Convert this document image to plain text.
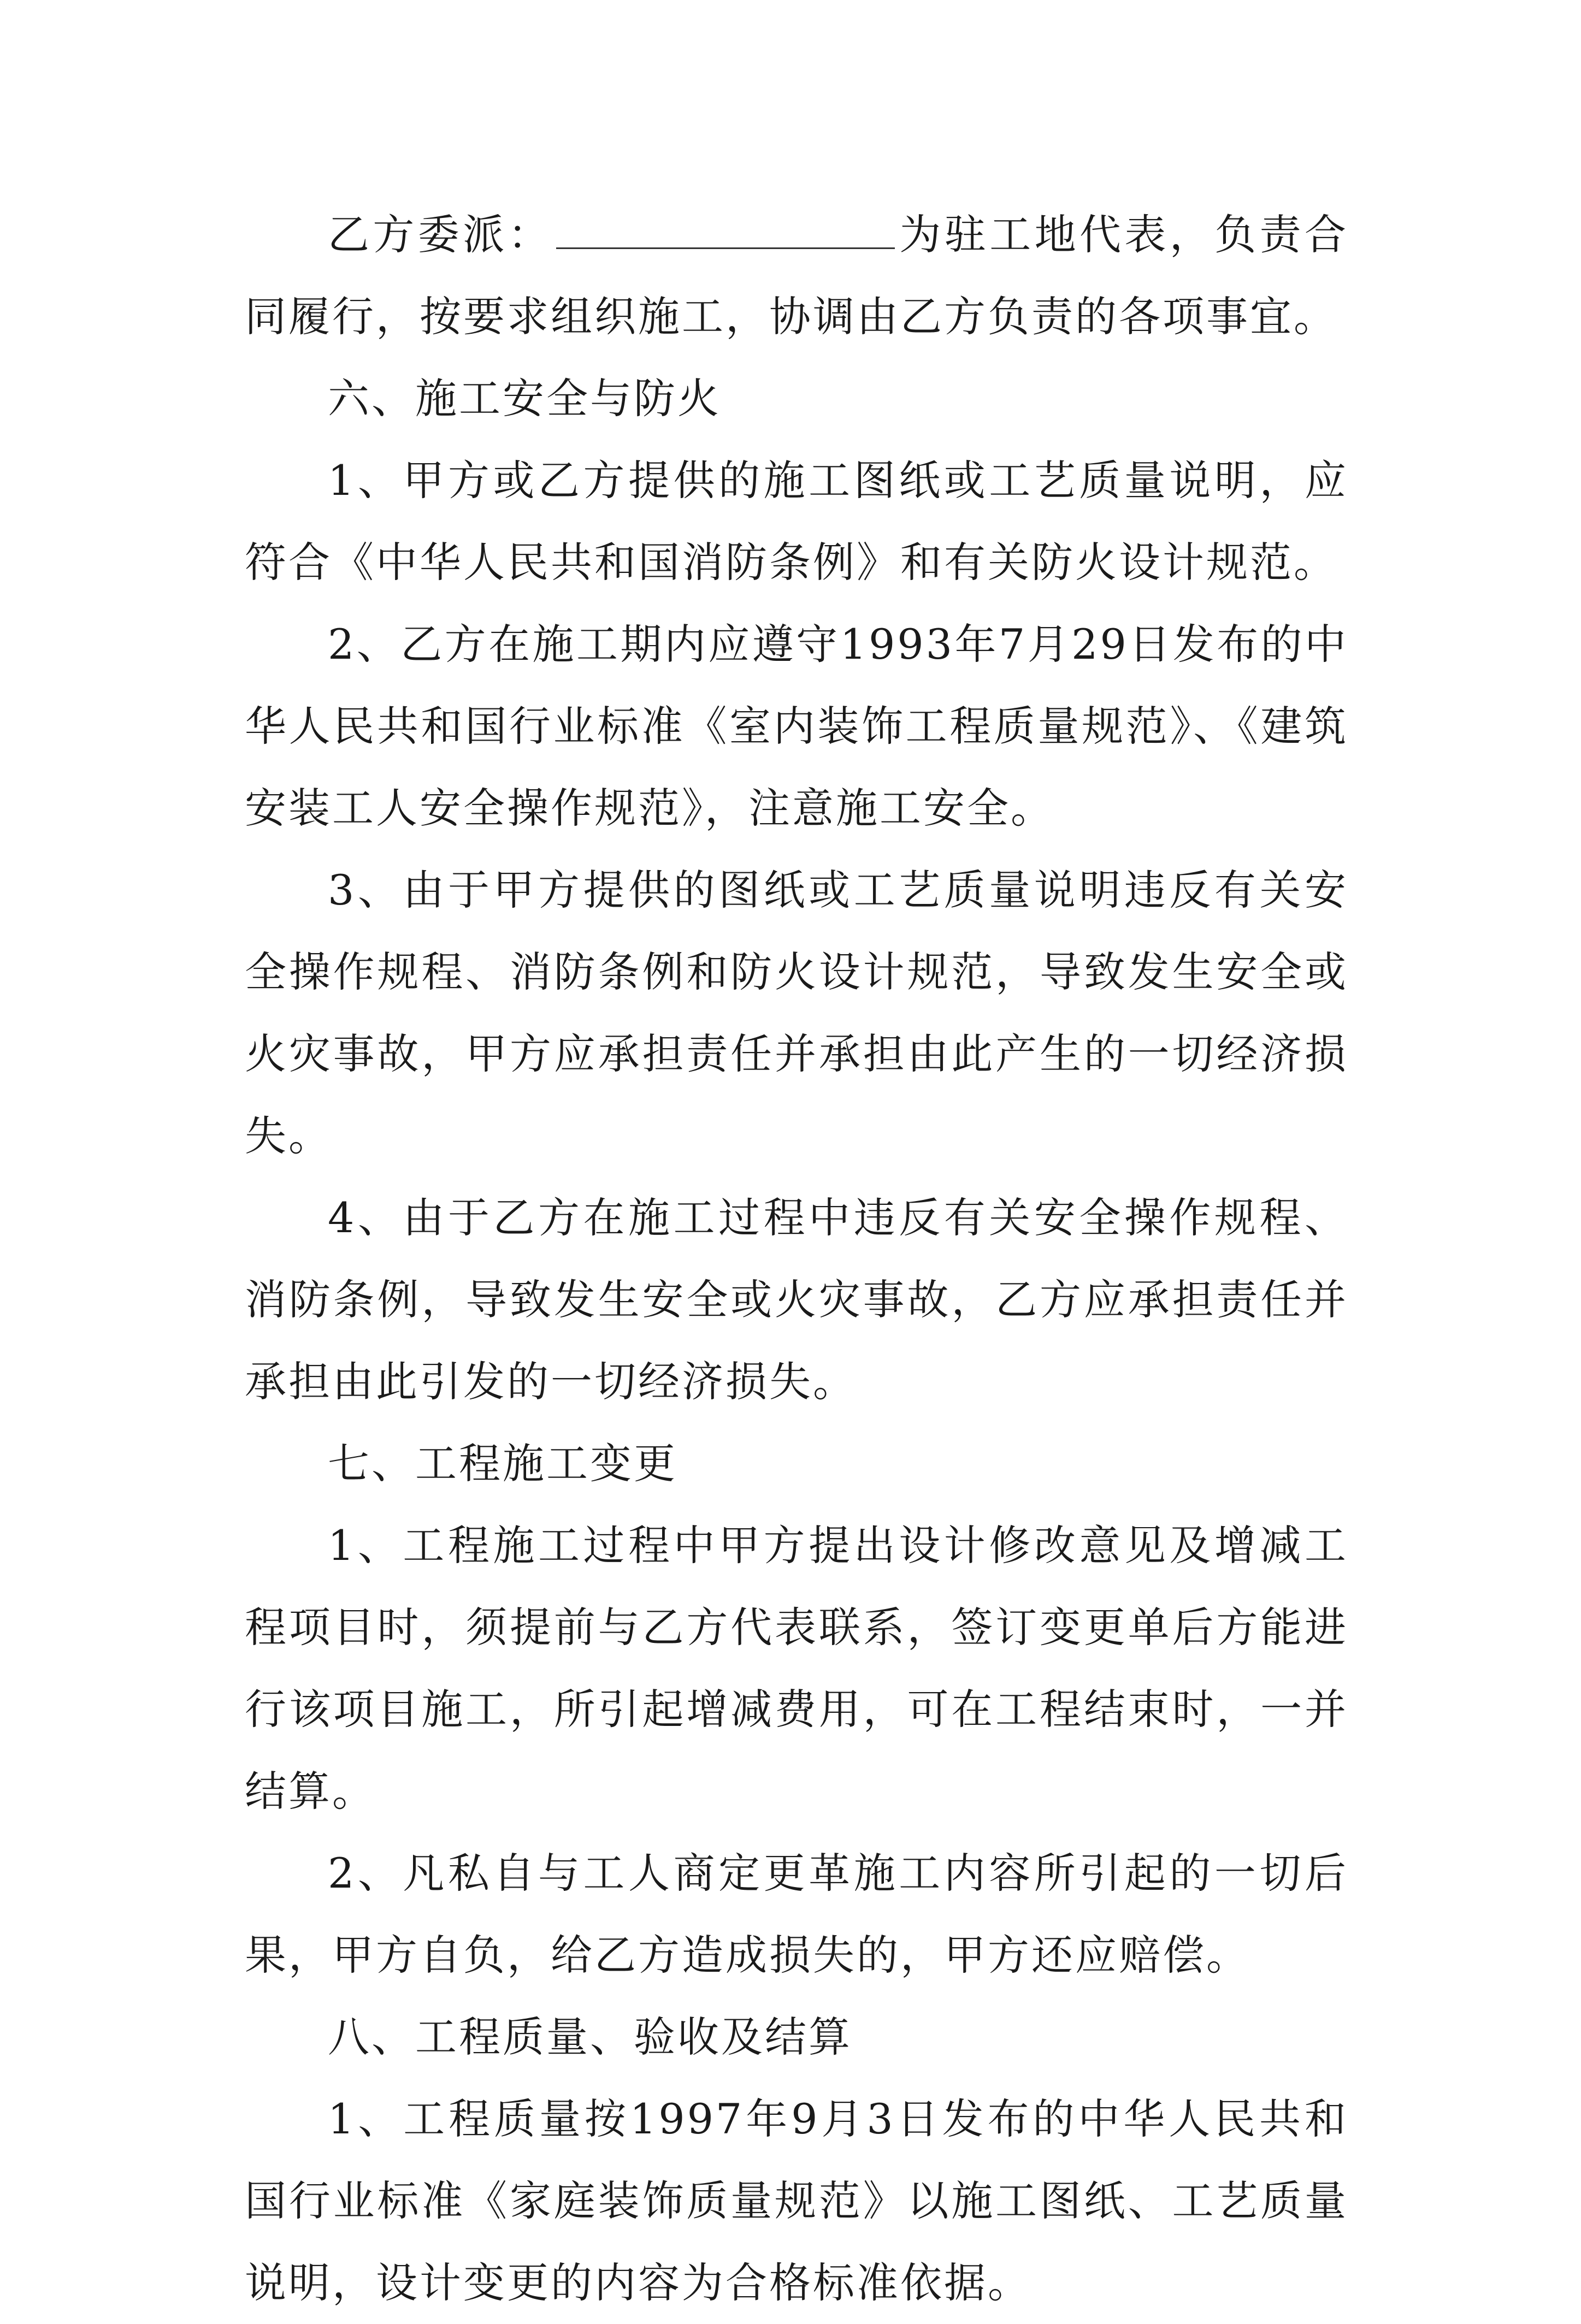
乙方委派：	为驻工地代表，负责合同履行，按要求组织施工，协调由乙方负责的各项事宜。

六、施工安全与防火

1、甲方或乙方提供的施工图纸或工艺质量说明，应符合《中华人民共和国消防条例》和有关防火设计规范。

2、乙方在施工期内应遵守1993年7月29日发布的中华人民共和国行业标准《室内装饰工程质量规范》、《建筑安装工人安全操作规范》，注意施工安全。

3、由于甲方提供的图纸或工艺质量说明违反有关安全操作规程、消防条例和防火设计规范，导致发生安全或火灾事故，甲方应承担责任并承担由此产生的一切经济损失。

4、由于乙方在施工过程中违反有关安全操作规程、消防条例，导致发生安全或火灾事故，乙方应承担责任并承担由此引发的一切经济损失。

七、工程施工变更

1、工程施工过程中甲方提出设计修改意见及增减工程项目时，须提前与乙方代表联系，签订变更单后方能进行该项目施工，所引起增减费用，可在工程结束时，一并结算。

2、凡私自与工人商定更革施工内容所引起的一切后果，甲方自负，给乙方造成损失的，甲方还应赔偿。

八、工程质量、验收及结算

1、工程质量按1997年9月3日发布的中华人民共和国行业标准《家庭装饰质量规范》以施工图纸、工艺质量说明，设计变更的内容为合格标准依据。
